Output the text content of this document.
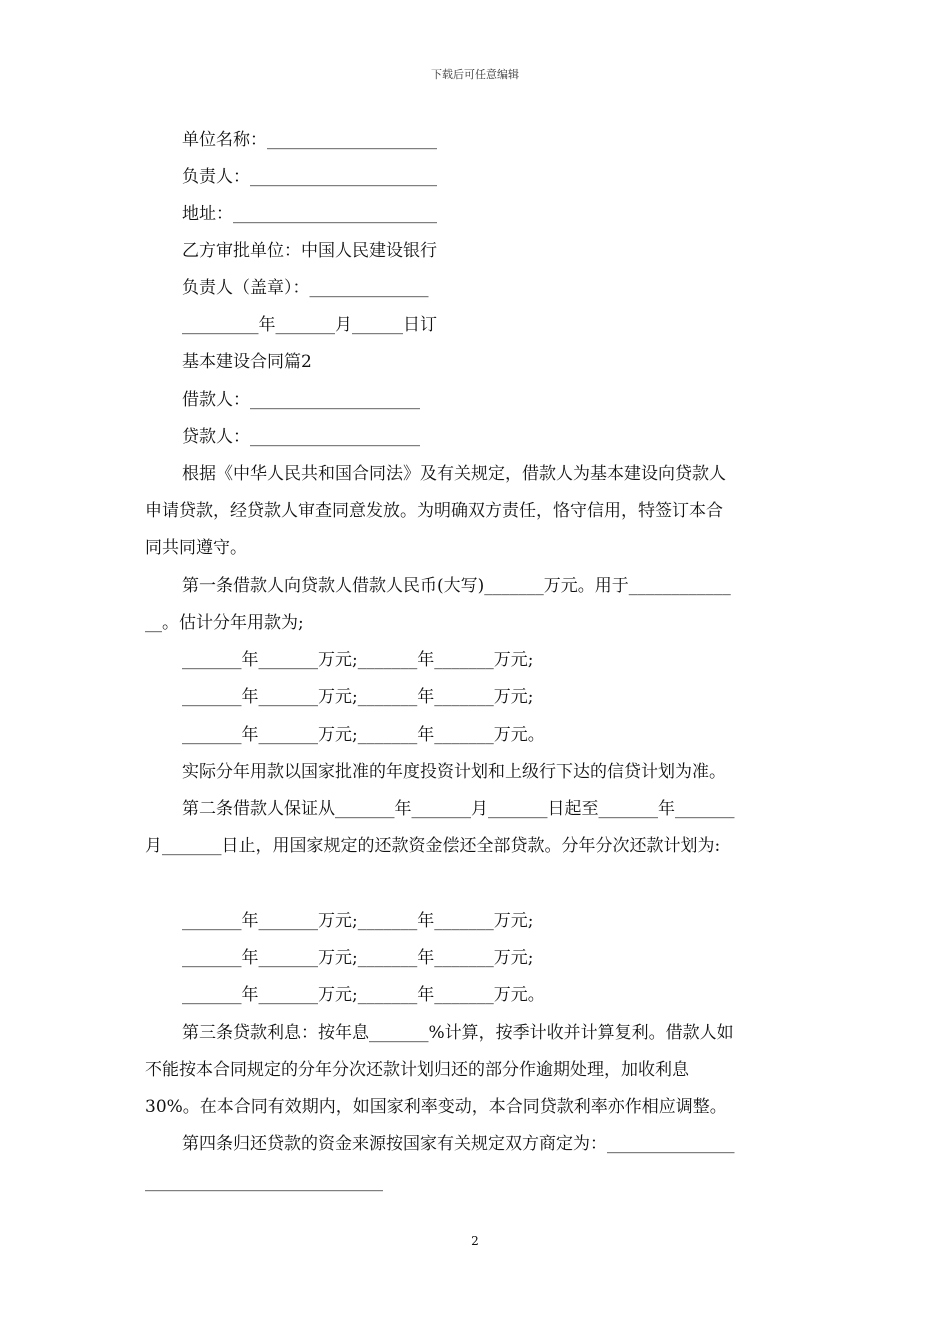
下载后可任意编辑
单位名称：____________________
负责人：______________________
地址：________________________
乙方审批单位：中国人民建设银行
负责人（盖章）：______________
_________年_______月______日订
基本建设合同篇2
借款人：____________________
贷款人：____________________
根据《中华人民共和国合同法》及有关规定，借款人为基本建设向贷款人
申请贷款，经贷款人审查同意发放。为明确双方责任，恪守信用，特签订本合
同共同遵守。
第一条借款人向贷款人借款人民币(大写)_______万元。用于____________
__。估计分年用款为;
_______年_______万元;_______年_______万元;
_______年_______万元;_______年_______万元;
_______年_______万元;_______年_______万元。
实际分年用款以国家批准的年度投资计划和上级行下达的信贷计划为准。
第二条借款人保证从_______年_______月_______日起至_______年_______
月_______日止，用国家规定的还款资金偿还全部贷款。分年分次还款计划为:
_______年_______万元;_______年_______万元;
_______年_______万元;_______年_______万元;
_______年_______万元;_______年_______万元。
第三条贷款利息：按年息_______%计算，按季计收并计算复利。借款人如
不能按本合同规定的分年分次还款计划归还的部分作逾期处理，加收利息
30%。在本合同有效期内，如国家利率变动，本合同贷款利率亦作相应调整。
第四条归还贷款的资金来源按国家有关规定双方商定为：_______________
____________________________
2
